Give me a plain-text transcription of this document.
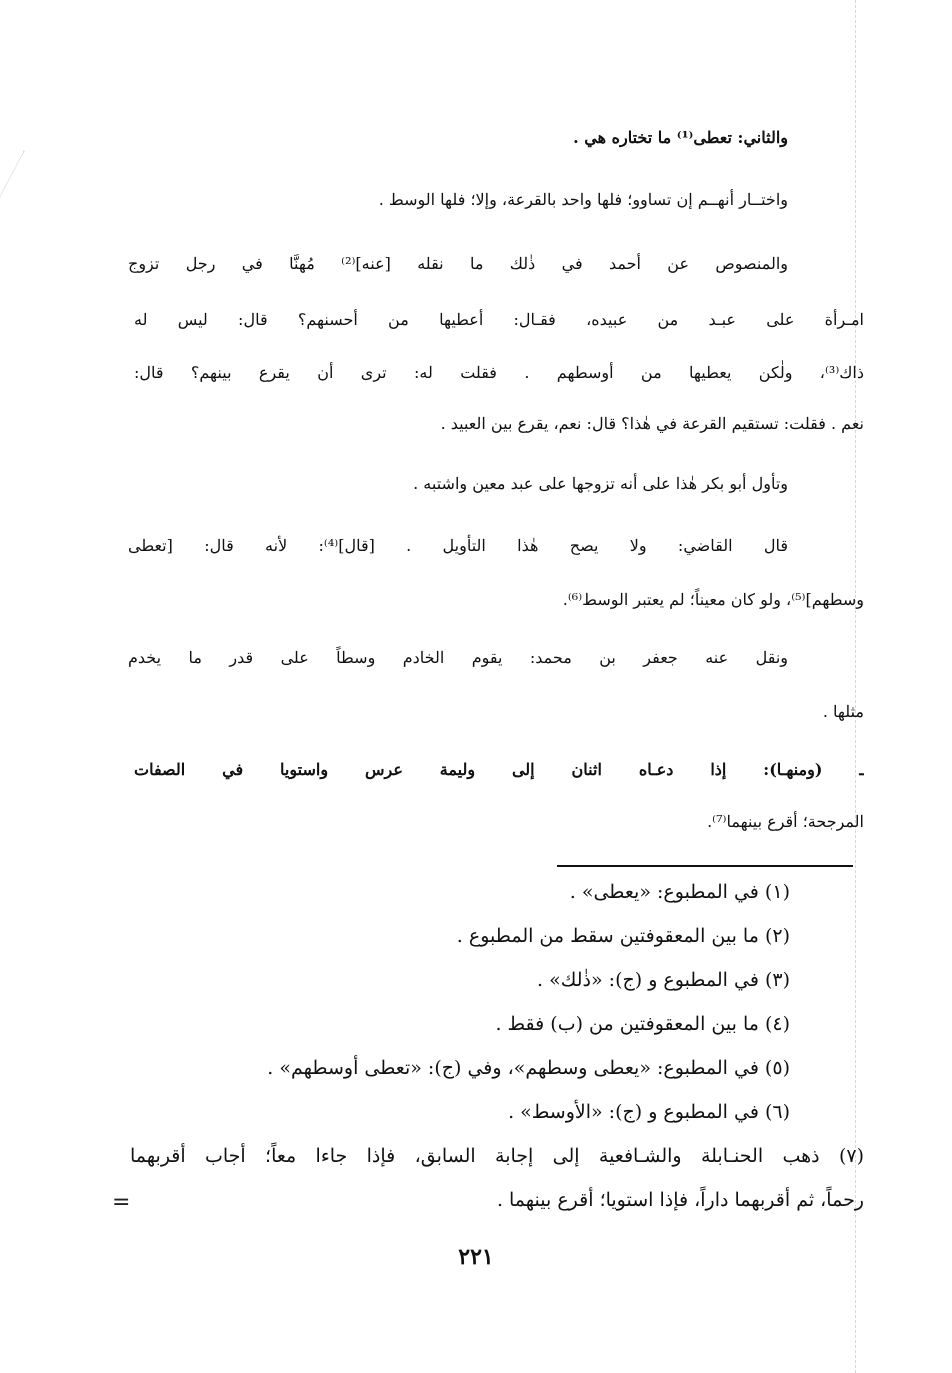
والثاني: تعطى⁽¹⁾ ما تختاره هي .
واختــار أنهــم إن تساوو؛ فلها واحد بالقرعة، وإلا؛ فلها الوسط .
والمنصوص عن أحمد في ذٰلك ما نقله [عنه]⁽²⁾ مُهنَّا في رجل تزوج
امـرأة على عبـد من عبيده، فقـال: أعطيها من أحسنهم؟ قال: ليس له
ذاك⁽³⁾، ولٰكن يعطيها من أوسطهم . فقلت له: ترى أن يقرع بينهم؟ قال:
نعم . فقلت: تستقيم القرعة في هٰذا؟ قال: نعم، يقرع بين العبيد .
وتأول أبو بكر هٰذا على أنه تزوجها على عبد معين واشتبه .
قال القاضي: ولا يصح هٰذا التأويل . [قال]⁽⁴⁾: لأنه قال: [تعطى
وسطهم]⁽⁵⁾، ولو كان معيناً؛ لم يعتبر الوسط⁽⁶⁾.
ونقل عنه جعفر بن محمد: يقوم الخادم وسطاً على قدر ما يخدم
مثلها .
ـ (ومنهـا): إذا دعـاه اثنان إلى وليمة عرس واستويا في الصفات
المرجحة؛ أقرع بينهما⁽⁷⁾.
(١) في المطبوع: «يعطى» .
(٢) ما بين المعقوفتين سقط من المطبوع .
(٣) في المطبوع و (ج): «ذٰلك» .
(٤) ما بين المعقوفتين من (ب) فقط .
(٥) في المطبوع: «يعطى وسطهم»، وفي (ج): «تعطى أوسطهم» .
(٦) في المطبوع و (ج): «الأوسط» .
(٧) ذهب الحنـابلة والشـافعية إلى إجابة السابق، فإذا جاءا معاً؛ أجاب أقربهما
رحماً، ثم أقربهما داراً، فإذا استويا؛ أقرع بينهما .
=
٢٢١
